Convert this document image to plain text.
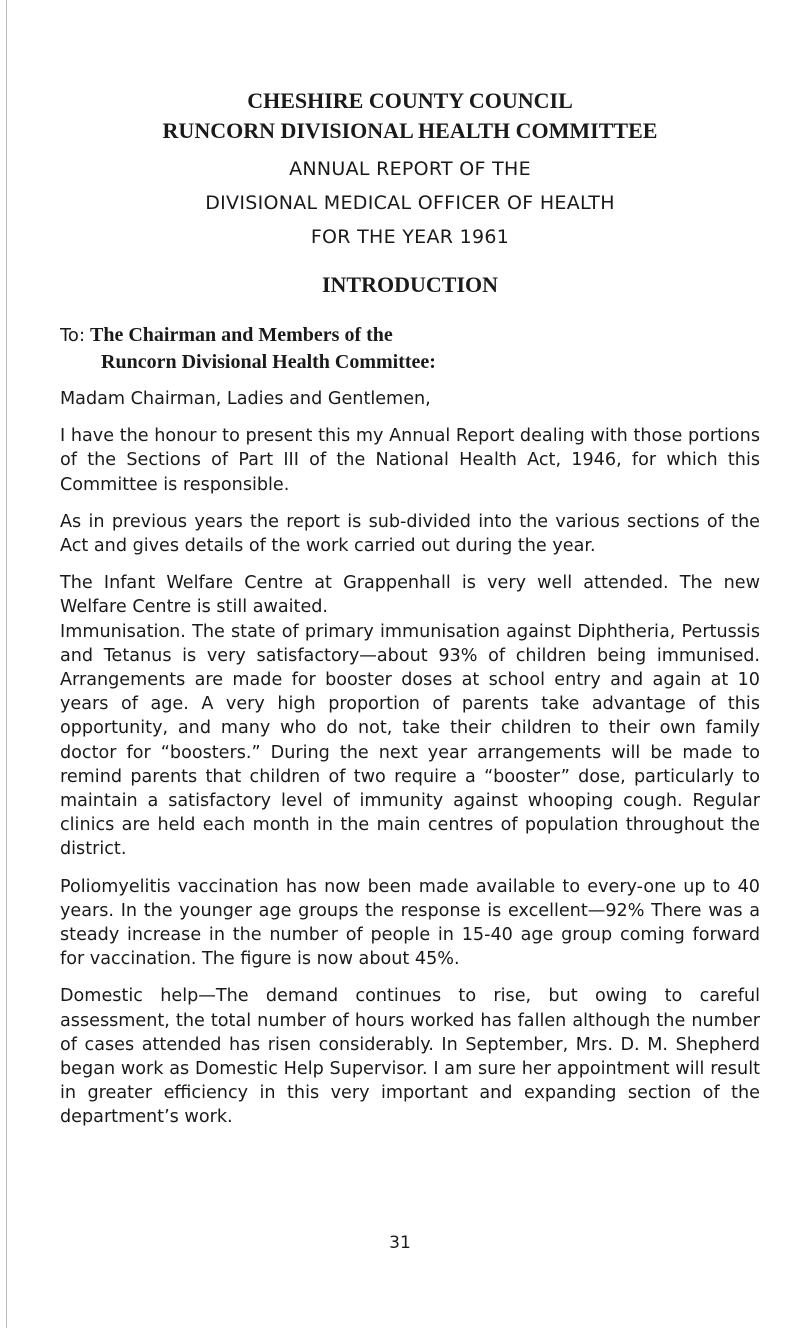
CHESHIRE COUNTY COUNCIL
RUNCORN DIVISIONAL HEALTH COMMITTEE
ANNUAL REPORT OF THE
DIVISIONAL MEDICAL OFFICER OF HEALTH
FOR THE YEAR 1961
INTRODUCTION
To: The Chairman and Members of the
Runcorn Divisional Health Committee:

Madam Chairman, Ladies and Gentlemen,

I have the honour to present this my Annual Report dealing with those portions of the Sections of Part III of the National Health Act, 1946, for which this Committee is responsible.

As in previous years the report is sub-divided into the various sections of the Act and gives details of the work carried out during the year.

The Infant Welfare Centre at Grappenhall is very well attended. The new Welfare Centre is still awaited.

Immunisation. The state of primary immunisation against Diphtheria, Pertussis and Tetanus is very satisfactory—about 93% of children being immunised. Arrangements are made for booster doses at school entry and again at 10 years of age. A very high proportion of parents take advantage of this opportunity, and many who do not, take their children to their own family doctor for “boosters.” During the next year arrangements will be made to remind parents that children of two require a “booster” dose, particularly to maintain a satisfactory level of immunity against whooping cough. Regular clinics are held each month in the main centres of population throughout the district.

Poliomyelitis vaccination has now been made available to every-one up to 40 years. In the younger age groups the response is excellent—92% There was a steady increase in the number of people in 15-40 age group coming forward for vaccination. The figure is now about 45%.

Domestic help—The demand continues to rise, but owing to careful assessment, the total number of hours worked has fallen although the number of cases attended has risen considerably. In September, Mrs. D. M. Shepherd began work as Domestic Help Supervisor. I am sure her appointment will result in greater efficiency in this very important and expanding section of the department’s work.

31
